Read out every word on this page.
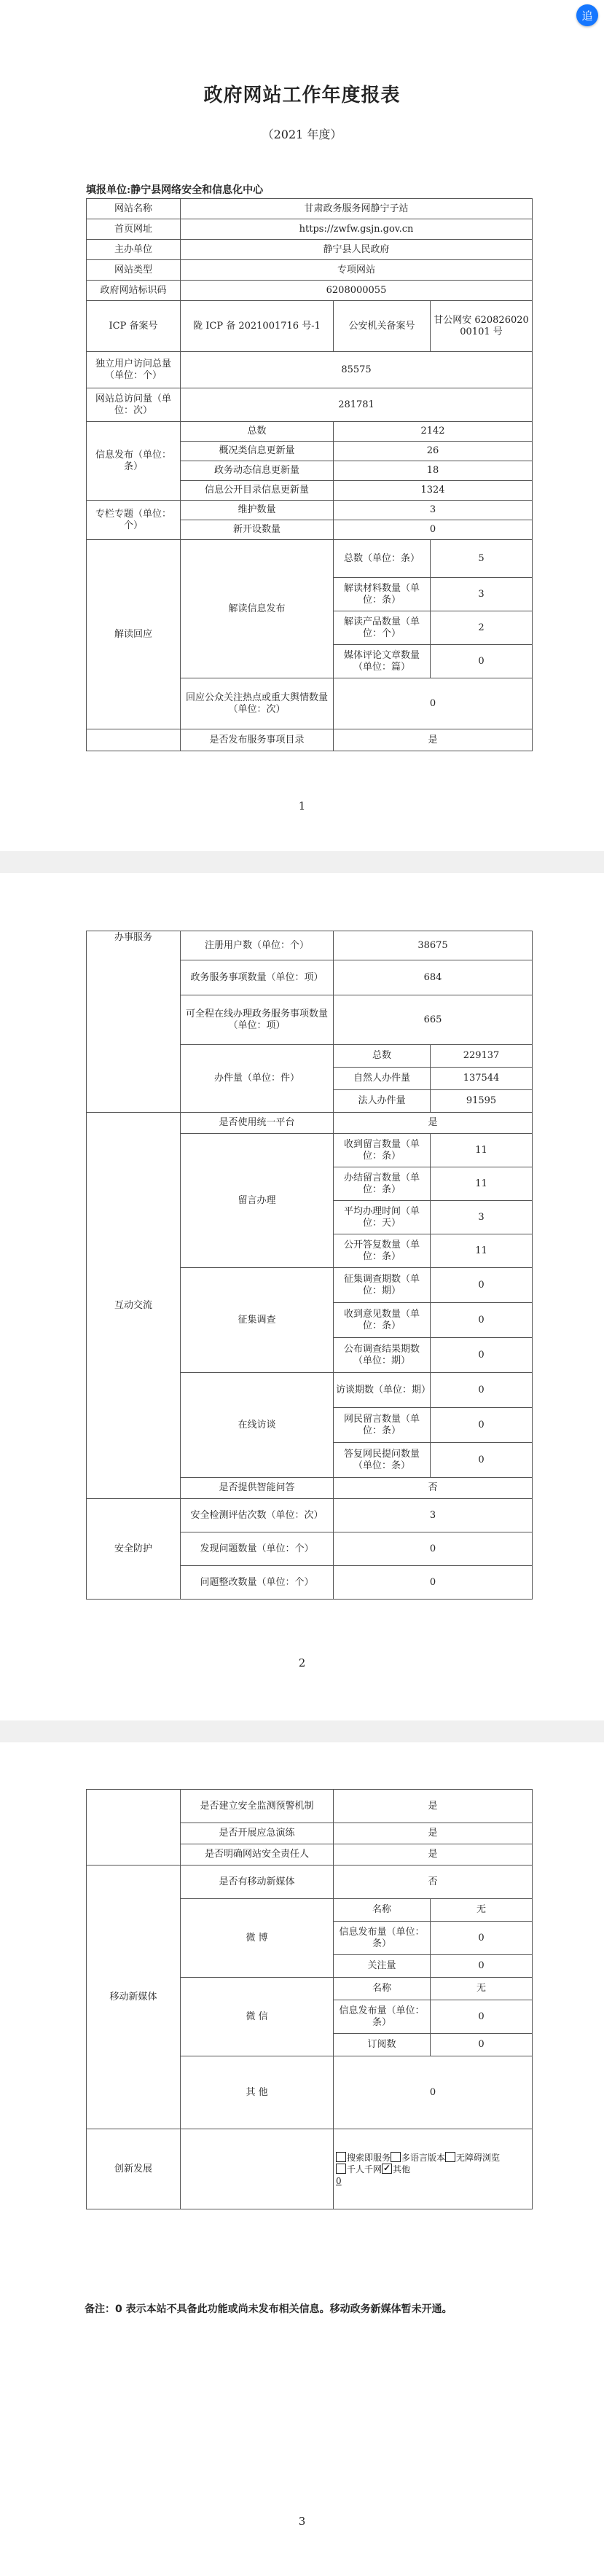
追
政府网站工作年度报表
（2021 年度）
填报单位:静宁县网络安全和信息化中心
网站名称	甘肃政务服务网静宁子站		
首页网址	https://zwfw.gsjn.gov.cn		
主办单位	静宁县人民政府		
网站类型	专项网站		
政府网站标识码	6208000055		
ICP 备案号	陇 ICP 备 2021001716 号-1	公安机关备案号	甘公网安 62082602000101 号
独立用户访问总量（单位：个）	85575		
网站总访问量（单位：次）	281781		
信息发布（单位：条）	总数	2142	
	概况类信息更新量	26	
	政务动态信息更新量	18	
	信息公开目录信息更新量	1324	
专栏专题（单位：个）	维护数量	3	
	新开设数量	0	
解读回应	解读信息发布	总数（单位：条）	5
		解读材料数量（单位：条）	3
		解读产品数量（单位：个）	2
		媒体评论文章数量（单位：篇）	0
	回应公众关注热点或重大舆情数量（单位：次）	0	
	是否发布服务事项目录	是	
1
办事服务	注册用户数（单位：个）	38675	
	政务服务事项数量（单位：项）	684	
	可全程在线办理政务服务事项数量（单位：项）	665	
	办件量（单位：件）	总数	229137
		自然人办件量	137544
		法人办件量	91595
互动交流	是否使用统一平台	是	
	留言办理	收到留言数量（单位：条）	11
		办结留言数量（单位：条）	11
		平均办理时间（单位：天）	3
		公开答复数量（单位：条）	11
	征集调查	征集调查期数（单位：期）	0
		收到意见数量（单位：条）	0
		公布调查结果期数（单位：期）	0
	在线访谈	访谈期数（单位：期）	0
		网民留言数量（单位：条）	0
		答复网民提问数量（单位：条）	0
	是否提供智能问答	否	
安全防护	安全检测评估次数（单位：次）	3	
	发现问题数量（单位：个）	0	
	问题整改数量（单位：个）	0	
2
	是否建立安全监测预警机制	是	
	是否开展应急演练	是	
	是否明确网站安全责任人	是	
移动新媒体	是否有移动新媒体	否	
	微 博	名称	无
		信息发布量（单位：条）	0
		关注量	0
	微 信	名称	无
		信息发布量（单位：条）	0
		订阅数	0
	其 他	0	
创新发展		搜索即服务 多语言版本 无障碍浏览千人千网 ✓ 其他
0
备注：0 表示本站不具备此功能或尚未发布相关信息。移动政务新媒体暂未开通。
3
